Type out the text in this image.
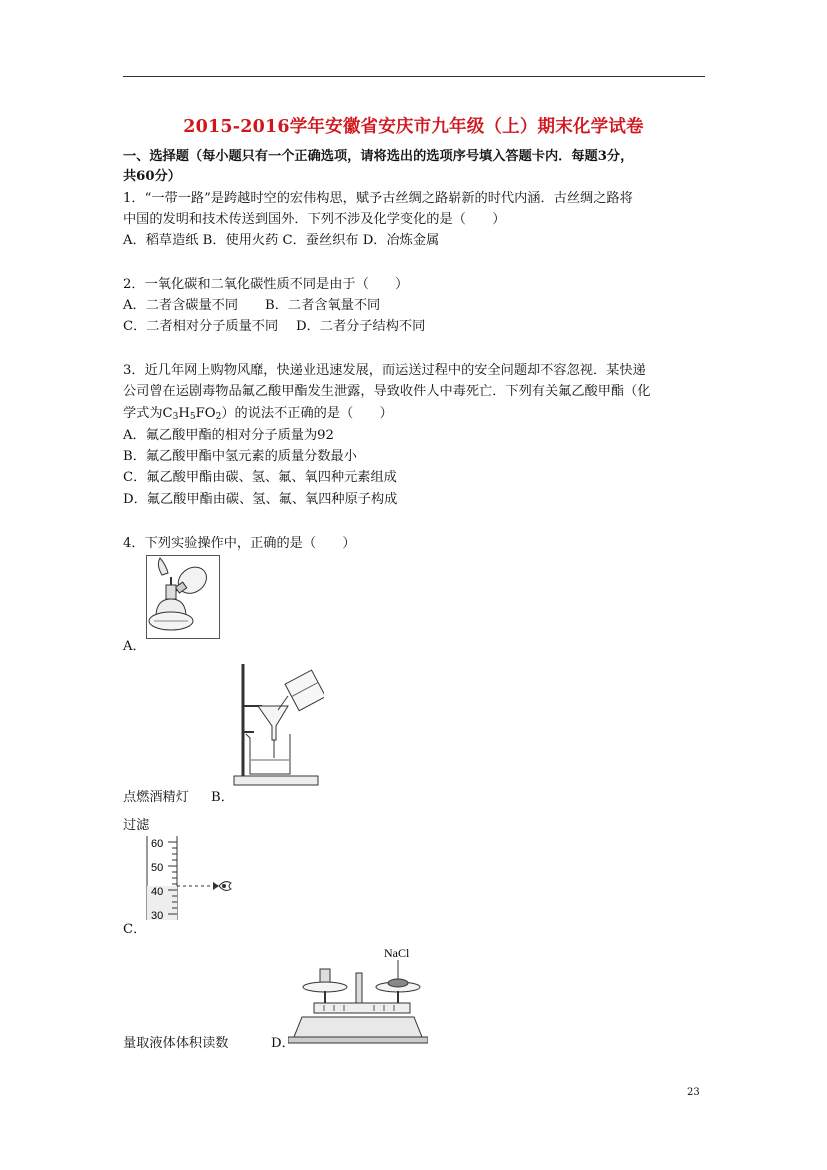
2015-2016学年安徽省安庆市九年级（上）期末化学试卷
一、选择题（每小题只有一个正确选项，请将选出的选项序号填入答题卡内．每题3分，
共60分）
1．“一带一路”是跨越时空的宏伟构思，赋予古丝绸之路崭新的时代内涵．古丝绸之路将
中国的发明和技术传送到国外．下列不涉及化学变化的是（　　）
A．稻草造纸 B．使用火药 C．蚕丝织布 D．冶炼金属
2．一氧化碳和二氧化碳性质不同是由于（　　）
A．二者含碳量不同 B．二者含氧量不同
C．二者相对分子质量不同 D．二者分子结构不同
3．近几年网上购物风靡，快递业迅速发展，而运送过程中的安全问题却不容忽视．某快递
公司曾在运剧毒物品氟乙酸甲酯发生泄露，导致收件人中毒死亡．下列有关氟乙酸甲酯（化
学式为$C_3H_5FO_2$）的说法不正确的是（　　）
A．氟乙酸甲酯的相对分子质量为92
B．氟乙酸甲酯中氢元素的质量分数最小
C．氟乙酸甲酯由碳、氢、氟、氧四种元素组成
D．氟乙酸甲酯由碳、氢、氟、氧四种原子构成
4．下列实验操作中，正确的是（　　）
A．
点燃酒精灯 B．
过滤
60
50
40
30
C．
NaCl
量取液体体积读数	D．
23
